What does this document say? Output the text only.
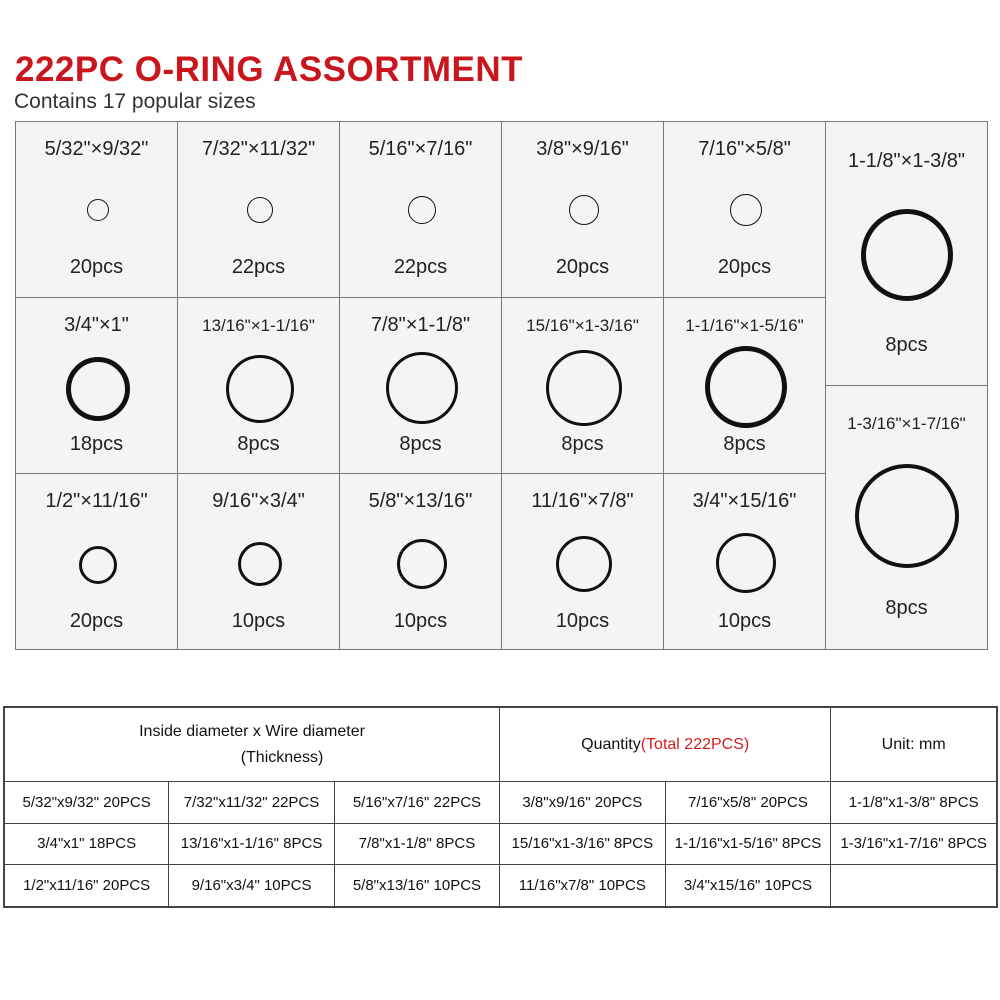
222PC O-RING ASSORTMENT
Contains 17 popular sizes
5/32"×9/32"
20pcs
7/32"×11/32"
22pcs
5/16"×7/16"
22pcs
3/8"×9/16"
20pcs
7/16"×5/8"
20pcs
1-1/8"×1-3/8"
8pcs
3/4"×1"
18pcs
13/16"×1-1/16"
8pcs
7/8"×1-1/8"
8pcs
15/16"×1-3/16"
8pcs
1-1/16"×1-5/16"
8pcs
1-3/16"×1-7/16"
8pcs
1/2"×11/16"
20pcs
9/16"×3/4"
10pcs
5/8"×13/16"
10pcs
11/16"×7/8"
10pcs
3/4"×15/16"
10pcs
Inside diameter x Wire diameter
(Thickness)			Quantity(Total 222PCS)		Unit: mm
5/32"x9/32" 20PCS	7/32"x11/32" 22PCS	5/16"x7/16" 22PCS	3/8"x9/16" 20PCS	7/16"x5/8" 20PCS	1-1/8"x1-3/8" 8PCS
3/4"x1" 18PCS	13/16"x1-1/16" 8PCS	7/8"x1-1/8" 8PCS	15/16"x1-3/16" 8PCS	1-1/16"x1-5/16" 8PCS	1-3/16"x1-7/16" 8PCS
1/2"x11/16" 20PCS	9/16"x3/4" 10PCS	5/8"x13/16" 10PCS	11/16"x7/8" 10PCS	3/4"x15/16" 10PCS	
